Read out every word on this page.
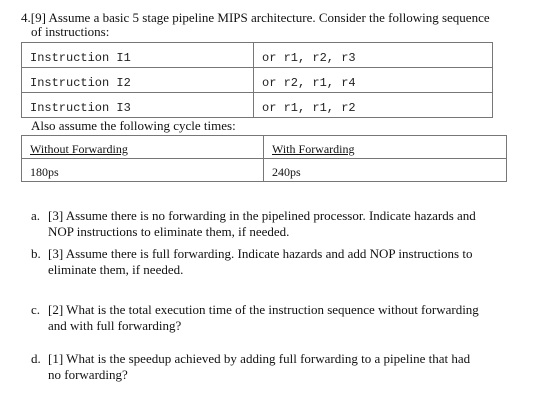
4.[9] Assume a basic 5 stage pipeline MIPS architecture. Consider the following sequence
of instructions:
Instruction I1	or r1, r2, r3
Instruction I2	or r2, r1, r4
Instruction I3	or r1, r1, r2
Also assume the following cycle times:
Without Forwarding	With Forwarding
180ps	240ps
a. [3] Assume there is no forwarding in the pipelined processor. Indicate hazards and
NOP instructions to eliminate them, if needed.
b. [3] Assume there is full forwarding. Indicate hazards and add NOP instructions to
eliminate them, if needed.
c. [2] What is the total execution time of the instruction sequence without forwarding
and with full forwarding?
d. [1] What is the speedup achieved by adding full forwarding to a pipeline that had
no forwarding?
